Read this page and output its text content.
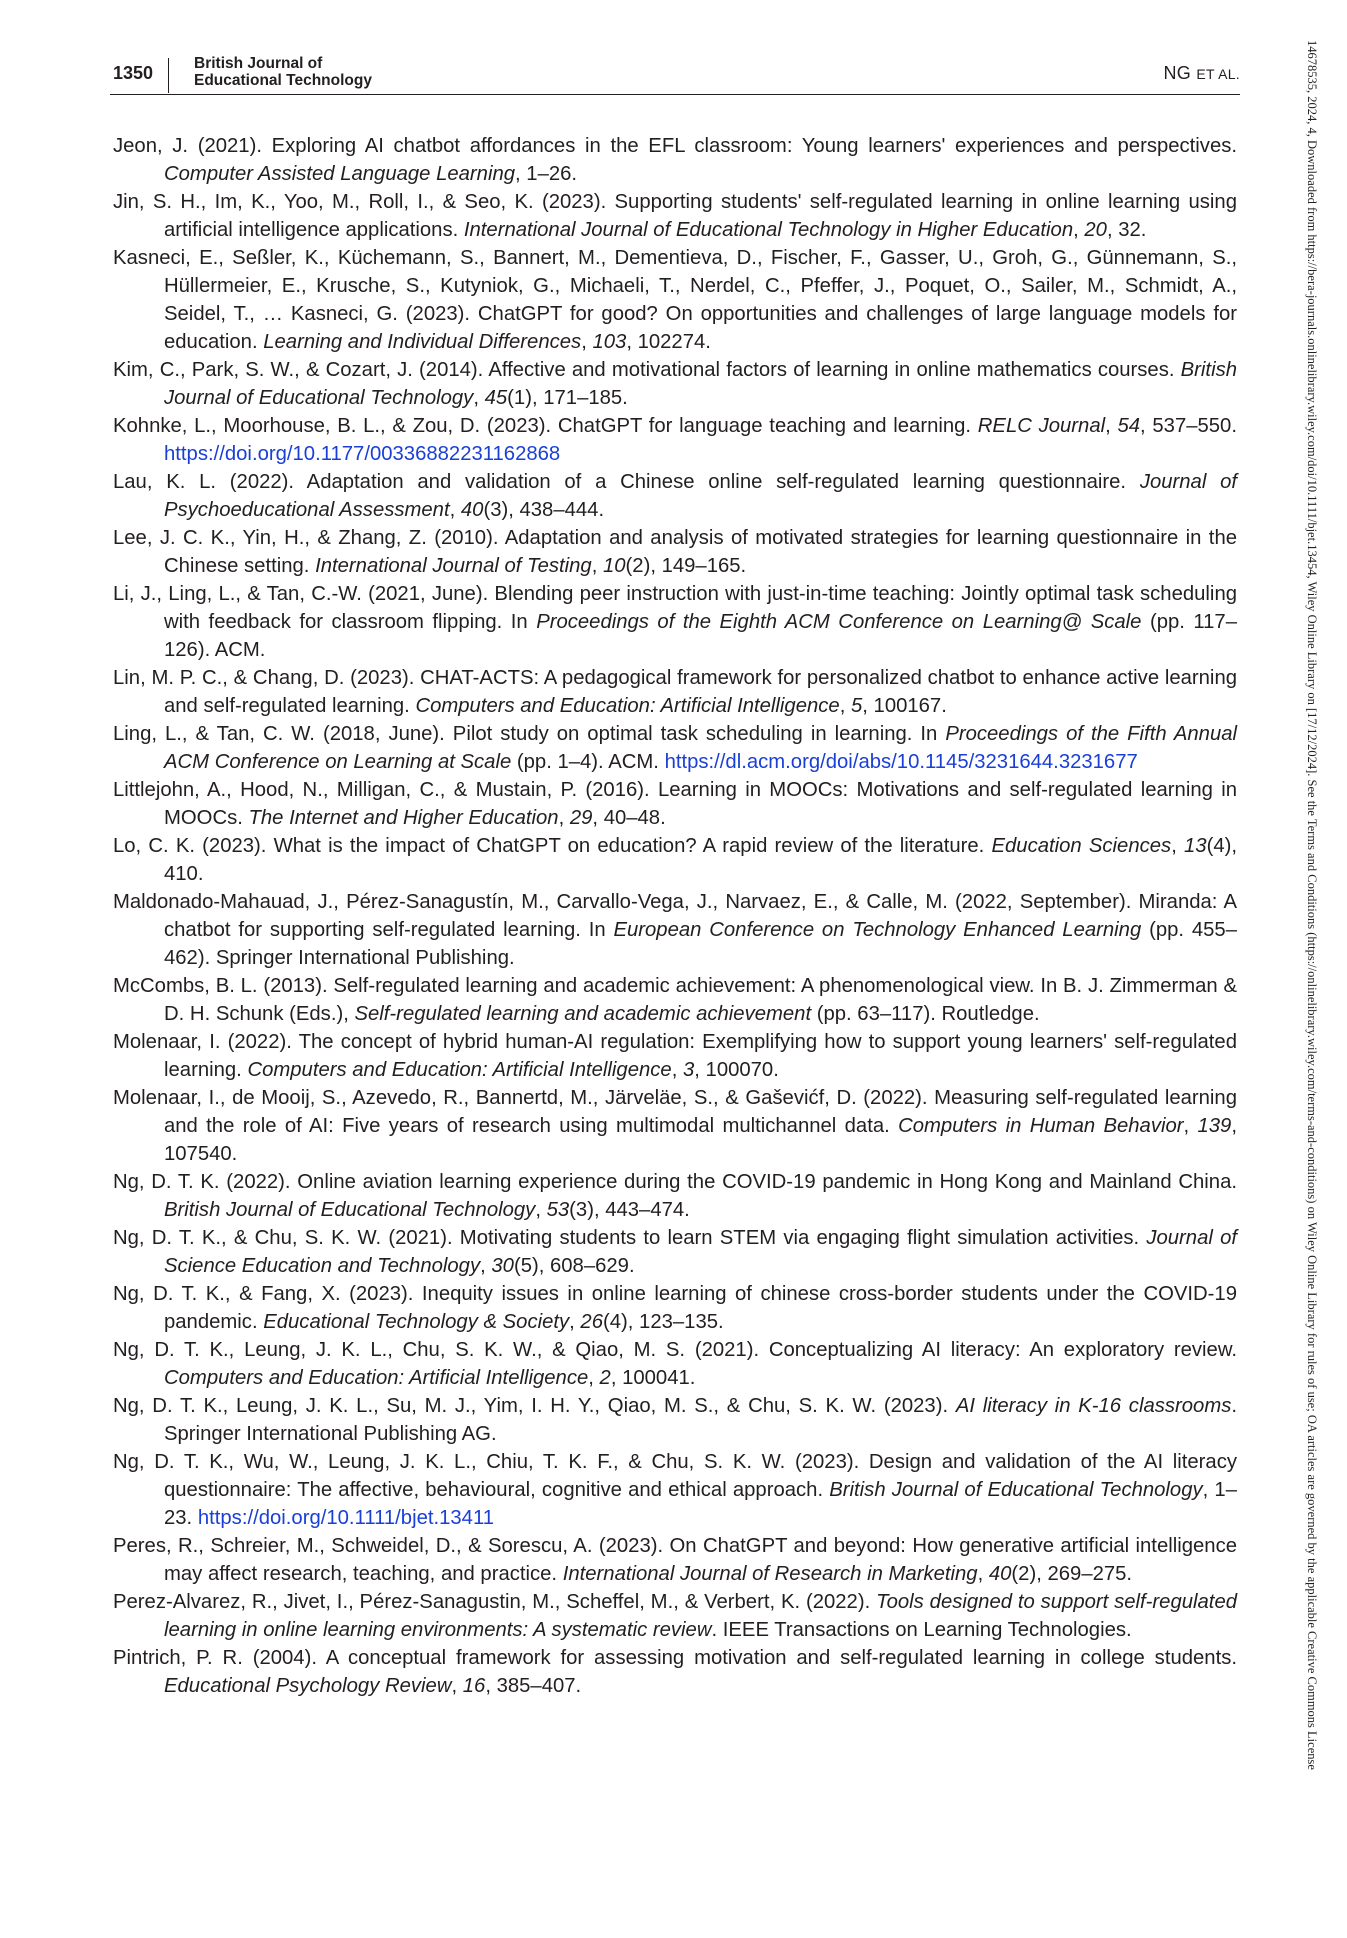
1350	British Journal of
Educational Technology	NG ET AL.

Jeon, J. (2021). Exploring AI chatbot affordances in the EFL classroom: Young learners' experiences and perspectives. Computer Assisted Language Learning, 1–26.

Jin, S. H., Im, K., Yoo, M., Roll, I., & Seo, K. (2023). Supporting students' self-regulated learning in online learning using artificial intelligence applications. International Journal of Educational Technology in Higher Education, 20, 32.

Kasneci, E., Seßler, K., Küchemann, S., Bannert, M., Dementieva, D., Fischer, F., Gasser, U., Groh, G., Günnemann, S., Hüllermeier, E., Krusche, S., Kutyniok, G., Michaeli, T., Nerdel, C., Pfeffer, J., Poquet, O., Sailer, M., Schmidt, A., Seidel, T., … Kasneci, G. (2023). ChatGPT for good? On opportunities and challenges of large language models for education. Learning and Individual Differences, 103, 102274.

Kim, C., Park, S. W., & Cozart, J. (2014). Affective and motivational factors of learning in online mathematics courses. British Journal of Educational Technology, 45(1), 171–185.

Kohnke, L., Moorhouse, B. L., & Zou, D. (2023). ChatGPT for language teaching and learning. RELC Journal, 54, 537–550. https://doi.org/10.1177/00336882231162868

Lau, K. L. (2022). Adaptation and validation of a Chinese online self-regulated learning questionnaire. Journal of Psychoeducational Assessment, 40(3), 438–444.

Lee, J. C. K., Yin, H., & Zhang, Z. (2010). Adaptation and analysis of motivated strategies for learning questionnaire in the Chinese setting. International Journal of Testing, 10(2), 149–165.

Li, J., Ling, L., & Tan, C.-W. (2021, June). Blending peer instruction with just-in-time teaching: Jointly optimal task scheduling with feedback for classroom flipping. In Proceedings of the Eighth ACM Conference on Learning@ Scale (pp. 117–126). ACM.

Lin, M. P. C., & Chang, D. (2023). CHAT-ACTS: A pedagogical framework for personalized chatbot to enhance active learning and self-regulated learning. Computers and Education: Artificial Intelligence, 5, 100167.

Ling, L., & Tan, C. W. (2018, June). Pilot study on optimal task scheduling in learning. In Proceedings of the Fifth Annual ACM Conference on Learning at Scale (pp. 1–4). ACM. https://dl.acm.org/doi/abs/10.1145/3231644.3231677

Littlejohn, A., Hood, N., Milligan, C., & Mustain, P. (2016). Learning in MOOCs: Motivations and self-regulated learning in MOOCs. The Internet and Higher Education, 29, 40–48.

Lo, C. K. (2023). What is the impact of ChatGPT on education? A rapid review of the literature. Education Sciences, 13(4), 410.

Maldonado-Mahauad, J., Pérez-Sanagustín, M., Carvallo-Vega, J., Narvaez, E., & Calle, M. (2022, September). Miranda: A chatbot for supporting self-regulated learning. In European Conference on Technology Enhanced Learning (pp. 455–462). Springer International Publishing.

McCombs, B. L. (2013). Self-regulated learning and academic achievement: A phenomenological view. In B. J. Zimmerman & D. H. Schunk (Eds.), Self-regulated learning and academic achievement (pp. 63–117). Routledge.

Molenaar, I. (2022). The concept of hybrid human-AI regulation: Exemplifying how to support young learners' self-regulated learning. Computers and Education: Artificial Intelligence, 3, 100070.

Molenaar, I., de Mooij, S., Azevedo, R., Bannertd, M., Järveläe, S., & Gaševićf, D. (2022). Measuring self-regulated learning and the role of AI: Five years of research using multimodal multichannel data. Computers in Human Behavior, 139, 107540.

Ng, D. T. K. (2022). Online aviation learning experience during the COVID-19 pandemic in Hong Kong and Mainland China. British Journal of Educational Technology, 53(3), 443–474.

Ng, D. T. K., & Chu, S. K. W. (2021). Motivating students to learn STEM via engaging flight simulation activities. Journal of Science Education and Technology, 30(5), 608–629.

Ng, D. T. K., & Fang, X. (2023). Inequity issues in online learning of chinese cross-border students under the COVID-19 pandemic. Educational Technology & Society, 26(4), 123–135.

Ng, D. T. K., Leung, J. K. L., Chu, S. K. W., & Qiao, M. S. (2021). Conceptualizing AI literacy: An exploratory review. Computers and Education: Artificial Intelligence, 2, 100041.

Ng, D. T. K., Leung, J. K. L., Su, M. J., Yim, I. H. Y., Qiao, M. S., & Chu, S. K. W. (2023). AI literacy in K-16 classrooms. Springer International Publishing AG.

Ng, D. T. K., Wu, W., Leung, J. K. L., Chiu, T. K. F., & Chu, S. K. W. (2023). Design and validation of the AI literacy questionnaire: The affective, behavioural, cognitive and ethical approach. British Journal of Educational Technology, 1–23. https://doi.org/10.1111/bjet.13411

Peres, R., Schreier, M., Schweidel, D., & Sorescu, A. (2023). On ChatGPT and beyond: How generative artificial intelligence may affect research, teaching, and practice. International Journal of Research in Marketing, 40(2), 269–275.

Perez-Alvarez, R., Jivet, I., Pérez-Sanagustin, M., Scheffel, M., & Verbert, K. (2022). Tools designed to support self-regulated learning in online learning environments: A systematic review. IEEE Transactions on Learning Technologies.

Pintrich, P. R. (2004). A conceptual framework for assessing motivation and self-regulated learning in college students. Educational Psychology Review, 16, 385–407.	14678535, 2024, 4, Downloaded from https://bera-journals.onlinelibrary.wiley.com/doi/10.1111/bjet.13454, Wiley Online Library on [17/12/2024]. See the Terms and Conditions (https://onlinelibrary.wiley.com/terms-and-conditions) on Wiley Online Library for rules of use; OA articles are governed by the applicable Creative Commons License
